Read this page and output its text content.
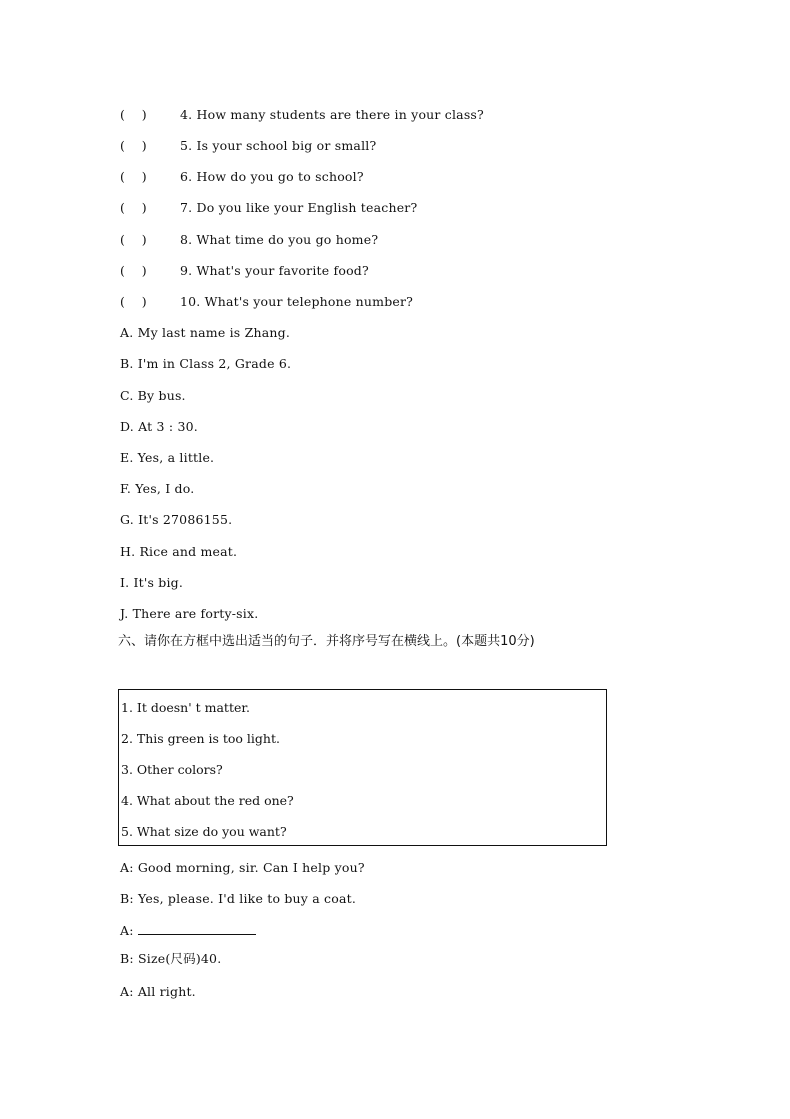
(    )	4. How many students are there in your class?
(    )	5. Is your school big or small?
(    )	6. How do you go to school?
(    )	7. Do you like your English teacher?
(    )	8. What time do you go home?
(    )	9. What's your favorite food?
(    )	10. What's your telephone number?
A. My last name is Zhang.
B. I'm in Class 2, Grade 6.
C. By bus.
D. At 3 : 30.
E. Yes, a little.
F. Yes, I do.
G. It's 27086155.
H. Rice and meat.
I. It's big.
J. There are forty-six.
六、请你在方框中选出适当的句子．并将序号写在横线上。(本题共10分)
1. It doesn' t matter.
2. This green is too light.
3. Other colors?
4. What about the red one?
5. What size do you want?
A: Good morning, sir. Can I help you?
B: Yes, please. I'd like to buy a coat.
A:
B: Size(尺码)40.
A: All right.
